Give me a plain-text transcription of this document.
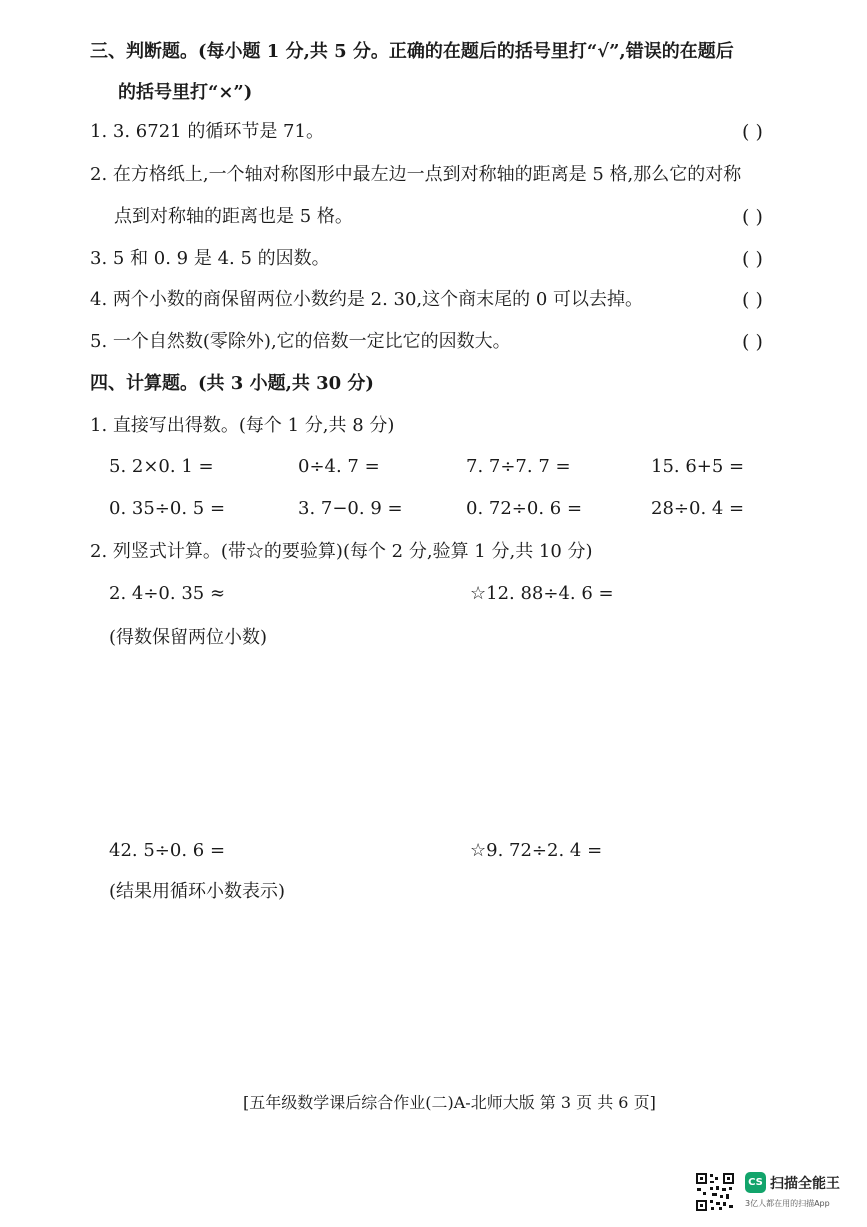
三、判断题。(每小题 1 分,共 5 分。正确的在题后的括号里打“√”,错误的在题后
的括号里打“×”)
1. 3. 6721 的循环节是 71。	( )
2. 在方格纸上,一个轴对称图形中最左边一点到对称轴的距离是 5 格,那么它的对称
点到对称轴的距离也是 5 格。	( )
3. 5 和 0. 9 是 4. 5 的因数。	( )
4. 两个小数的商保留两位小数约是 2. 30,这个商末尾的 0 可以去掉。	( )
5. 一个自然数(零除外),它的倍数一定比它的因数大。	( )
四、计算题。(共 3 小题,共 30 分)
1. 直接写出得数。(每个 1 分,共 8 分)
5. 2×0. 1 =	0÷4. 7 =	7. 7÷7. 7 =	15. 6+5 =
0. 35÷0. 5 =	3. 7−0. 9 =	0. 72÷0. 6 =	28÷0. 4 =
2. 列竖式计算。(带☆的要验算)(每个 2 分,验算 1 分,共 10 分)
2. 4÷0. 35 ≈	☆12. 88÷4. 6 =
(得数保留两位小数)
42. 5÷0. 6 =	☆9. 72÷2. 4 =
(结果用循环小数表示)
[五年级数学课后综合作业(二)A-北师大版 第 3 页 共 6 页]
CS 扫描全能王
3亿人都在用的扫描App
